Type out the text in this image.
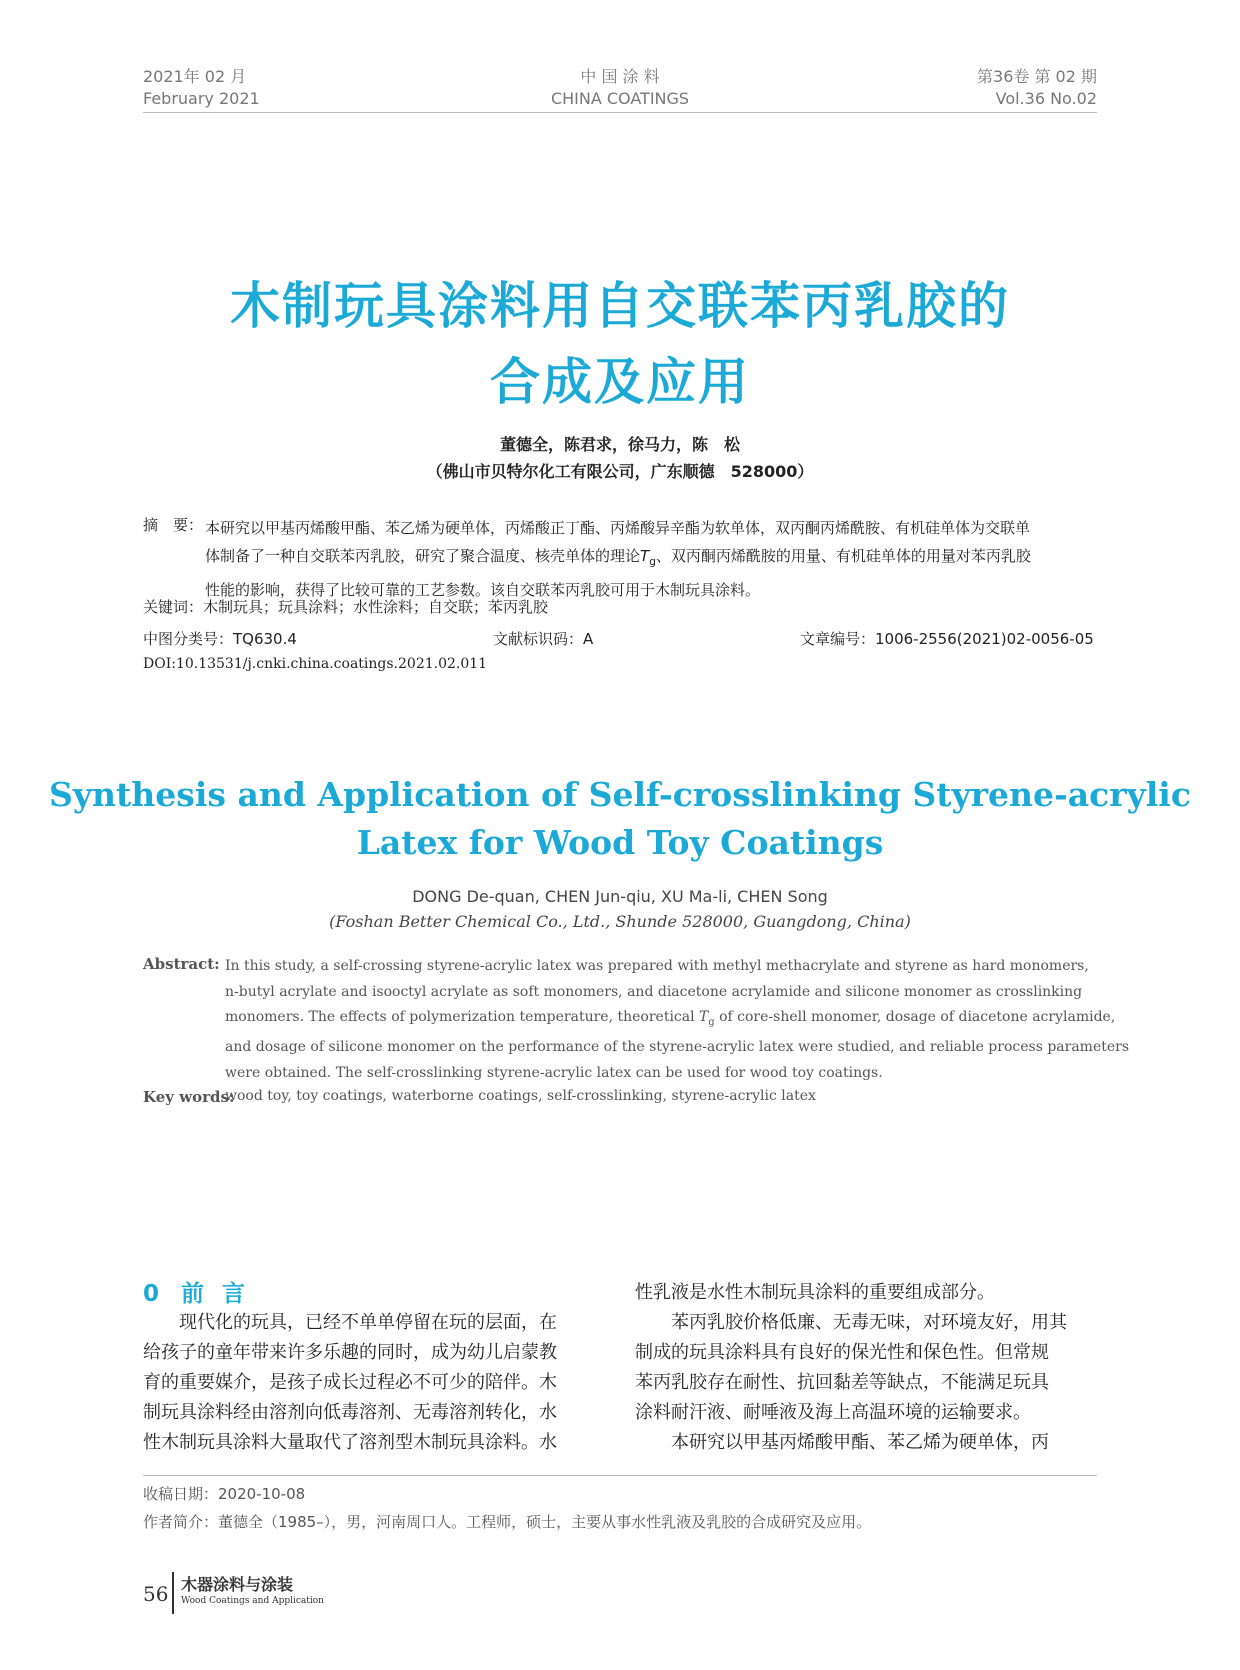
2021年 02 月
February 2021
中 国 涂 料
CHINA COATINGS
第36卷 第 02 期
Vol.36 No.02
木制玩具涂料用自交联苯丙乳胶的
合成及应用
董德全，陈君求，徐马力，陈　松
（佛山市贝特尔化工有限公司，广东顺德　528000）
摘　要： 本研究以甲基丙烯酸甲酯、苯乙烯为硬单体，丙烯酸正丁酯、丙烯酸异辛酯为软单体，双丙酮丙烯酰胺、有机硅单体为交联单
体制备了一种自交联苯丙乳胶，研究了聚合温度、核壳单体的理论$T_g$、双丙酮丙烯酰胺的用量、有机硅单体的用量对苯丙乳胶
性能的影响，获得了比较可靠的工艺参数。该自交联苯丙乳胶可用于木制玩具涂料。
关键词：木制玩具；玩具涂料；水性涂料；自交联；苯丙乳胶
中图分类号：TQ630.4	文献标识码：A	文章编号：1006-2556(2021)02-0056-05
DOI:10.13531/j.cnki.china.coatings.2021.02.011
Synthesis and Application of Self-crosslinking Styrene-acrylic
Latex for Wood Toy Coatings
DONG De-quan, CHEN Jun-qiu, XU Ma-li, CHEN Song
(Foshan Better Chemical Co., Ltd., Shunde 528000, Guangdong, China)
Abstract: In this study, a self-crossing styrene-acrylic latex was prepared with methyl methacrylate and styrene as hard monomers,
n-butyl acrylate and isooctyl acrylate as soft monomers, and diacetone acrylamide and silicone monomer as crosslinking
monomers. The effects of polymerization temperature, theoretical $T_g$ of core-shell monomer, dosage of diacetone acrylamide,
and dosage of silicone monomer on the performance of the styrene-acrylic latex were studied, and reliable process parameters
were obtained. The self-crosslinking styrene-acrylic latex can be used for wood toy coatings.
Key words:
wood toy, toy coatings, waterborne coatings, self-crosslinking, styrene-acrylic latex
0 前 言
　　现代化的玩具，已经不单单停留在玩的层面，在
给孩子的童年带来许多乐趣的同时，成为幼儿启蒙教
育的重要媒介，是孩子成长过程必不可少的陪伴。木
制玩具涂料经由溶剂向低毒溶剂、无毒溶剂转化，水
性木制玩具涂料大量取代了溶剂型木制玩具涂料。水
性乳液是水性木制玩具涂料的重要组成部分。
　　苯丙乳胶价格低廉、无毒无味，对环境友好，用其
制成的玩具涂料具有良好的保光性和保色性。但常规
苯丙乳胶存在耐性、抗回黏差等缺点，不能满足玩具
涂料耐汗液、耐唾液及海上高温环境的运输要求。
　　本研究以甲基丙烯酸甲酯、苯乙烯为硬单体，丙
收稿日期：2020-10-08
作者简介：董德全（1985–），男，河南周口人。工程师，硕士，主要从事水性乳液及乳胶的合成研究及应用。
56 木器涂料与涂装
Wood Coatings and Application
